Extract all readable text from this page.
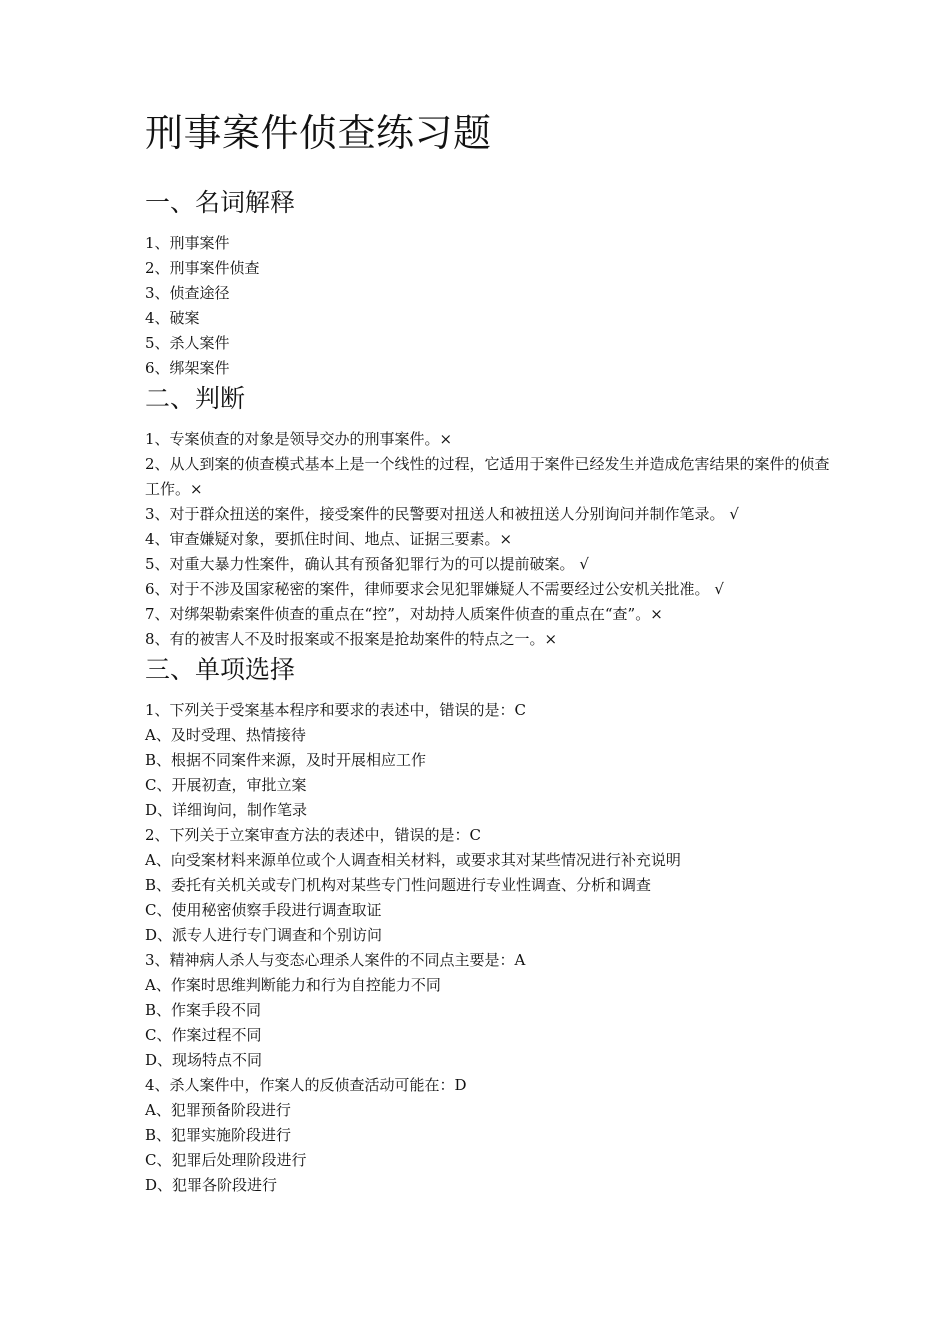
刑事案件侦查练习题
一、名词解释

1、刑事案件

2、刑事案件侦查

3、侦查途径

4、破案

5、杀人案件

6、绑架案件

二、判断

1、专案侦查的对象是领导交办的刑事案件。×

2、从人到案的侦查模式基本上是一个线性的过程，它适用于案件已经发生并造成危害结果的案件的侦查工作。×

3、对于群众扭送的案件，接受案件的民警要对扭送人和被扭送人分别询问并制作笔录。 √

4、审查嫌疑对象，要抓住时间、地点、证据三要素。×

5、对重大暴力性案件，确认其有预备犯罪行为的可以提前破案。 √

6、对于不涉及国家秘密的案件，律师要求会见犯罪嫌疑人不需要经过公安机关批准。 √

7、对绑架勒索案件侦查的重点在“控”，对劫持人质案件侦查的重点在“查”。×

8、有的被害人不及时报案或不报案是抢劫案件的特点之一。×

三、单项选择

1、下列关于受案基本程序和要求的表述中，错误的是：C

A、及时受理、热情接待

B、根据不同案件来源，及时开展相应工作

C、开展初查，审批立案

D、详细询问，制作笔录

2、下列关于立案审查方法的表述中，错误的是：C

A、向受案材料来源单位或个人调查相关材料，或要求其对某些情况进行补充说明

B、委托有关机关或专门机构对某些专门性问题进行专业性调查、分析和调查

C、使用秘密侦察手段进行调查取证

D、派专人进行专门调查和个别访问

3、精神病人杀人与变态心理杀人案件的不同点主要是：A

A、作案时思维判断能力和行为自控能力不同

B、作案手段不同

C、作案过程不同

D、现场特点不同

4、杀人案件中，作案人的反侦查活动可能在：D

A、犯罪预备阶段进行

B、犯罪实施阶段进行

C、犯罪后处理阶段进行

D、犯罪各阶段进行
